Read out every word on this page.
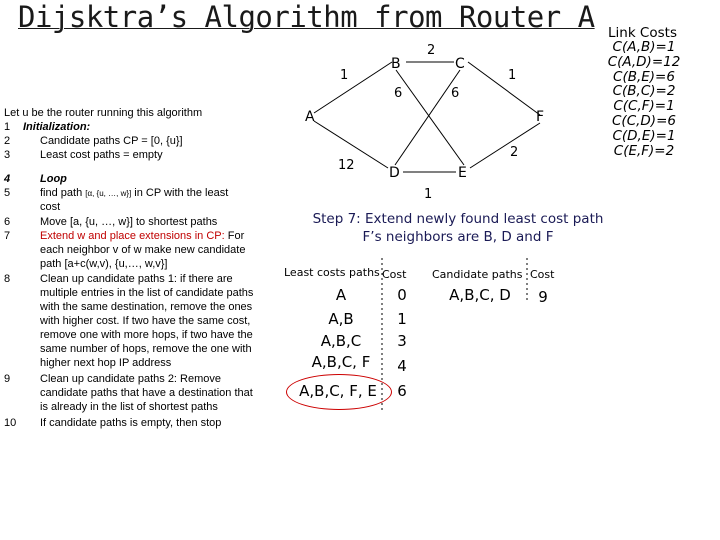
Dijsktra’s Algorithm from Router A Link Costs
C(A,B)=1
C(A,D)=12
C(B,E)=6
C(B,C)=2
C(C,F)=1
C(C,D)=6
C(D,E)=1
C(E,F)=2
A
B	C
D	E
F
1
2
1
6	6
12
2
1
Let u be the router running this algorithm
1 Initialization:
2	Candidate paths CP = [0, {u}]
3	Least cost paths = empty
4	Loop
5	find path [α, {u, …, w}] in CP with the least
cost
6	Move [a, {u, …, w}] to shortest paths
7	Extend w and place extensions in CP: For
each neighbor v of w make new candidate
path [a+c(w,v), {u,…, w,v}]
8	Clean up candidate paths 1: if there are
multiple entries in the list of candidate paths
with the same destination, remove the ones
with higher cost. If two have the same cost,
remove one with more hops, if two have the
same number of hops, remove the one with
higher next hop IP address
9	Clean up candidate paths 2: Remove
candidate paths that have a destination that
is already in the list of shortest paths
10 If candidate paths is empty, then stop
Step 7: Extend newly found least cost path
F’s neighbors are B, D and F
Least costs paths Cost
A	0
A,B	1
A,B,C	3
A,B,C, F	4
A,B,C, F, E	6
Candidate paths Cost
A,B,C, D	9
